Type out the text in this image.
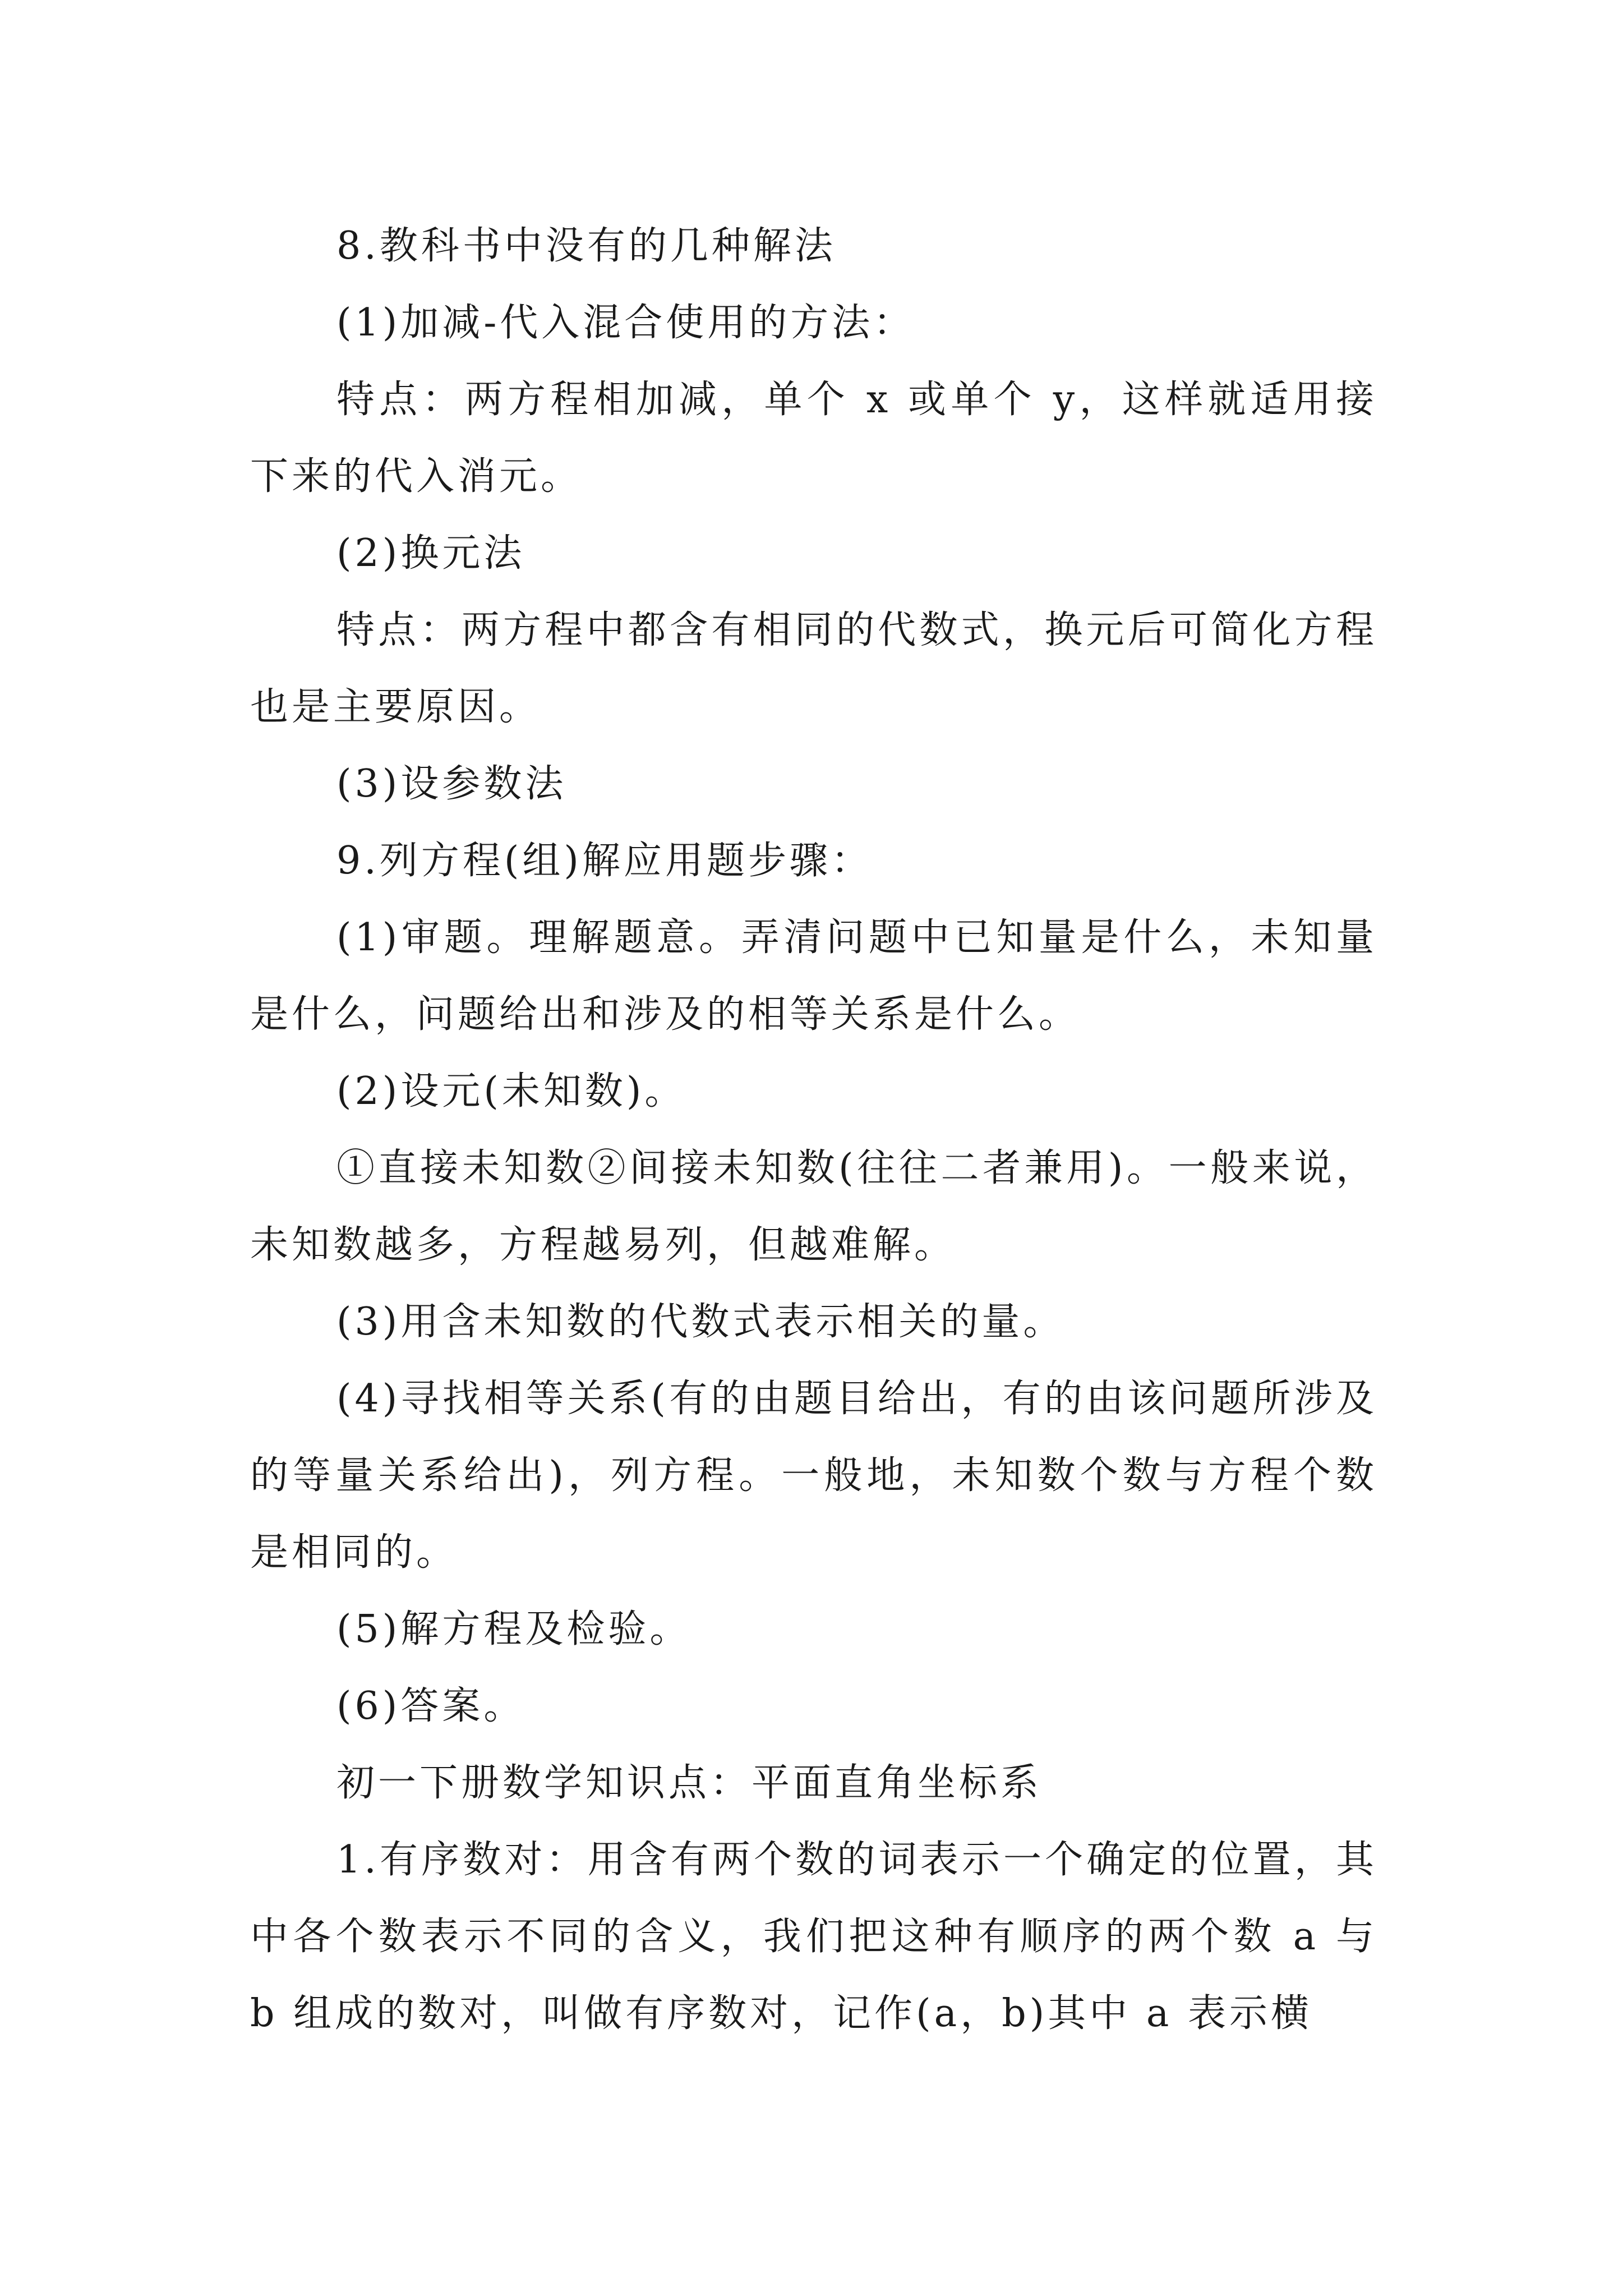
8.教科书中没有的几种解法

(1)加减-代入混合使用的方法：

特点：两方程相加减，单个 x 或单个 y，这样就适用接下来的代入消元。

(2)换元法

特点：两方程中都含有相同的代数式，换元后可简化方程也是主要原因。

(3)设参数法

9.列方程(组)解应用题步骤：

(1)审题。理解题意。弄清问题中已知量是什么，未知量是什么，问题给出和涉及的相等关系是什么。

(2)设元(未知数)。

①直接未知数②间接未知数(往往二者兼用)。一般来说，未知数越多，方程越易列，但越难解。

(3)用含未知数的代数式表示相关的量。

(4)寻找相等关系(有的由题目给出，有的由该问题所涉及的等量关系给出)，列方程。一般地，未知数个数与方程个数是相同的。

(5)解方程及检验。

(6)答案。

初一下册数学知识点：平面直角坐标系

1.有序数对：用含有两个数的词表示一个确定的位置，其中各个数表示不同的含义，我们把这种有顺序的两个数 a 与 b 组成的数对，叫做有序数对，记作(a，b)其中 a 表示横
